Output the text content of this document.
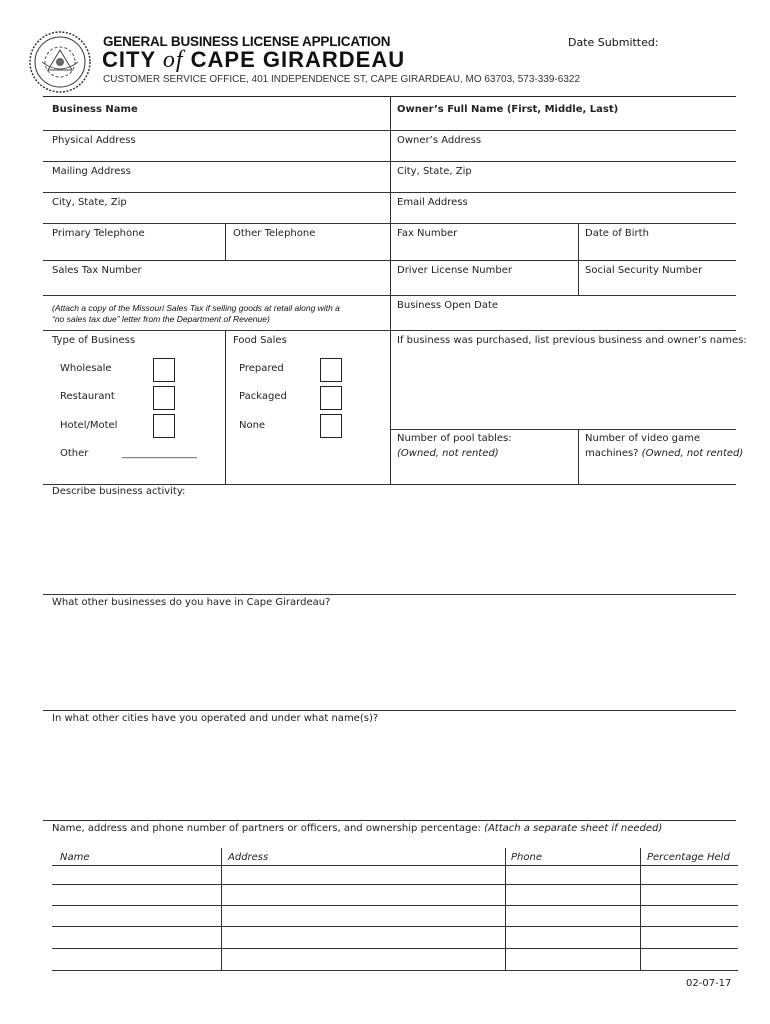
GENERAL BUSINESS LICENSE APPLICATION	Date Submitted:
CITY of CAPE GIRARDEAU
CUSTOMER SERVICE OFFICE, 401 INDEPENDENCE ST, CAPE GIRARDEAU, MO 63703, 573-339-6322
Business Name	Owner’s Full Name (First, Middle, Last)
Physical Address	Owner’s Address
Mailing Address	City, State, Zip
City, State, Zip	Email Address
Primary Telephone	Other Telephone	Fax Number	Date of Birth
Sales Tax Number	Driver License Number	Social Security Number
(Attach a copy of the Missouri Sales Tax if selling goods at retail along with a
“no sales tax due” letter from the Department of Revenue)
Business Open Date
Type of Business	Food Sales	If business was purchased, list previous business and owner’s names:
Wholesale
Restaurant
Hotel/Motel
Other	_______________
Prepared
Packaged
None
Number of pool tables:
(Owned, not rented)
Number of video game
machines? (Owned, not rented)
Describe business activity:
What other businesses do you have in Cape Girardeau?
In what other cities have you operated and under what name(s)?
Name, address and phone number of partners or officers, and ownership percentage: (Attach a separate sheet if needed)
Name	Address	Phone	Percentage Held
02-07-17
